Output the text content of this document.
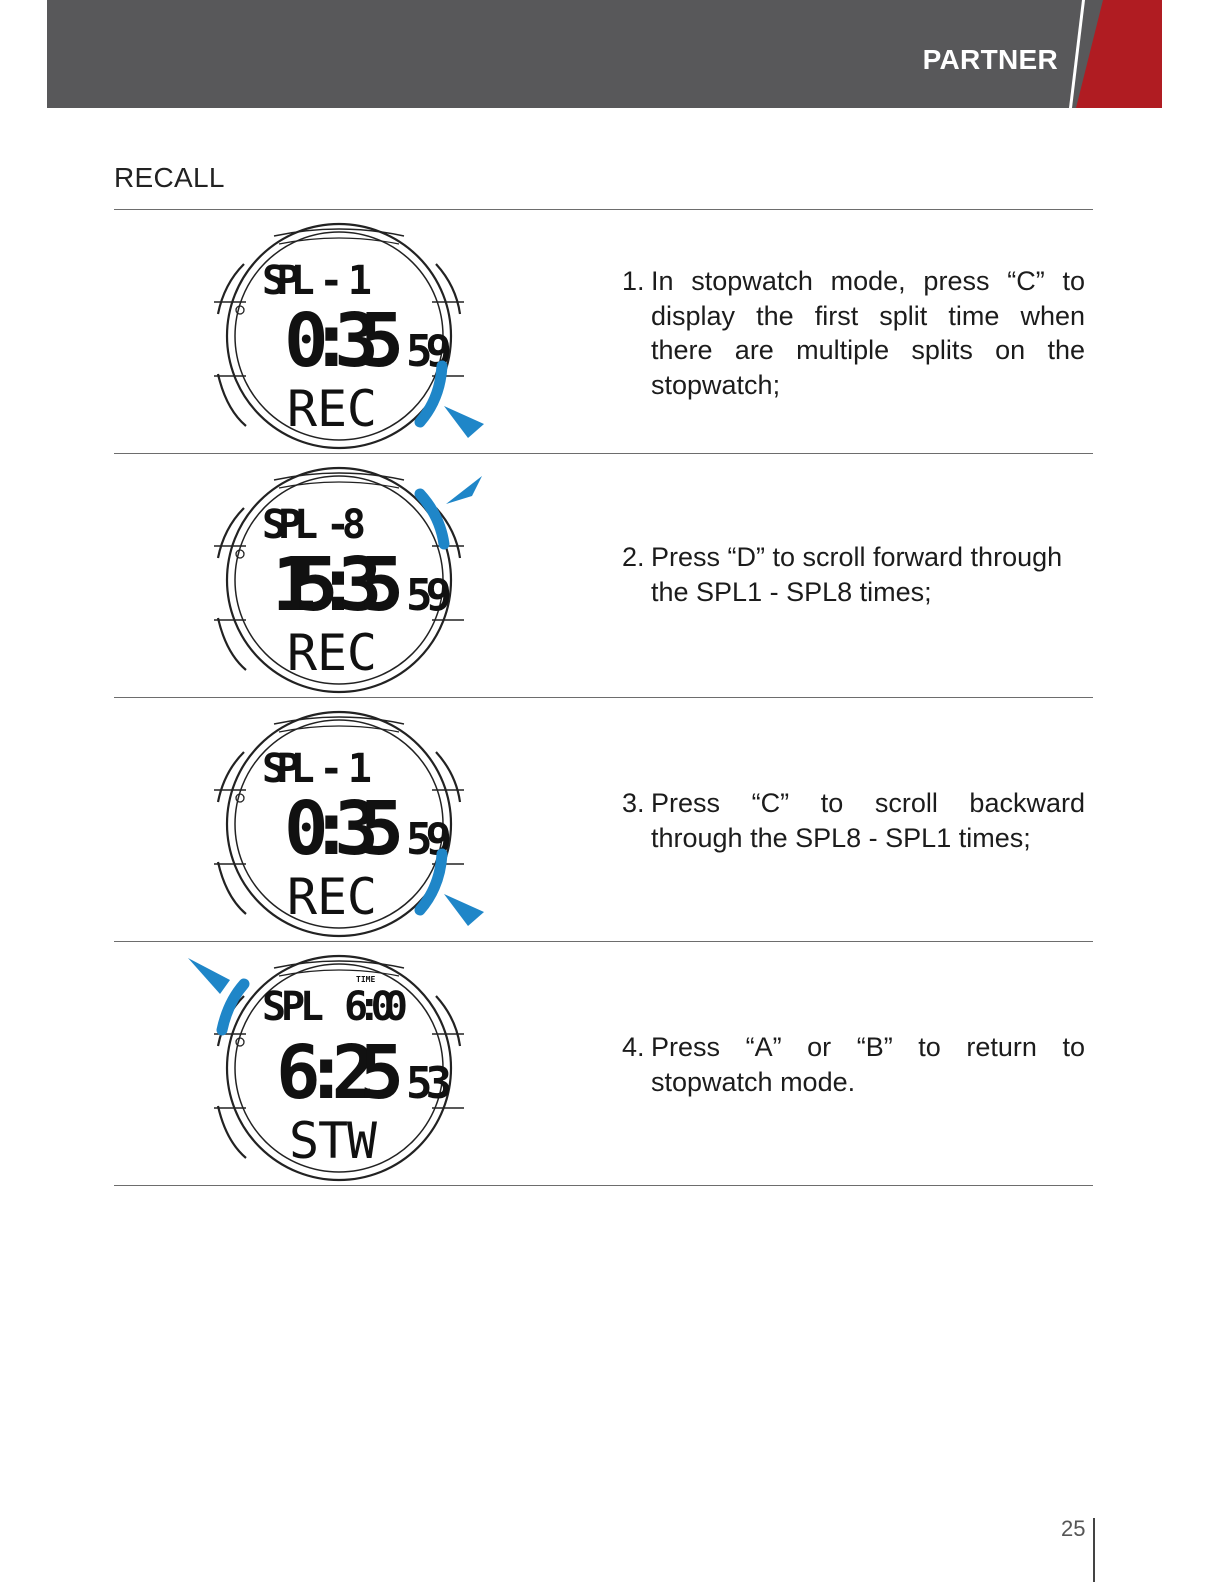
PARTNER
RECALL
SPL - 1
0:35 59
REC
1. In stopwatch mode, press “C” to display the first split time when there are multiple splits on the stopwatch;
SPL -8
15:35 59
REC
2. Press “D” to scroll forward through the SPL1 - SPL8 times;
SPL - 1
0:35 59
REC
3. Press “C” to scroll backward through the SPL8 - SPL1 times;
SPL
TIME
6:00
6:25 53
STW
4. Press “A” or “B” to return to stopwatch mode.
25
